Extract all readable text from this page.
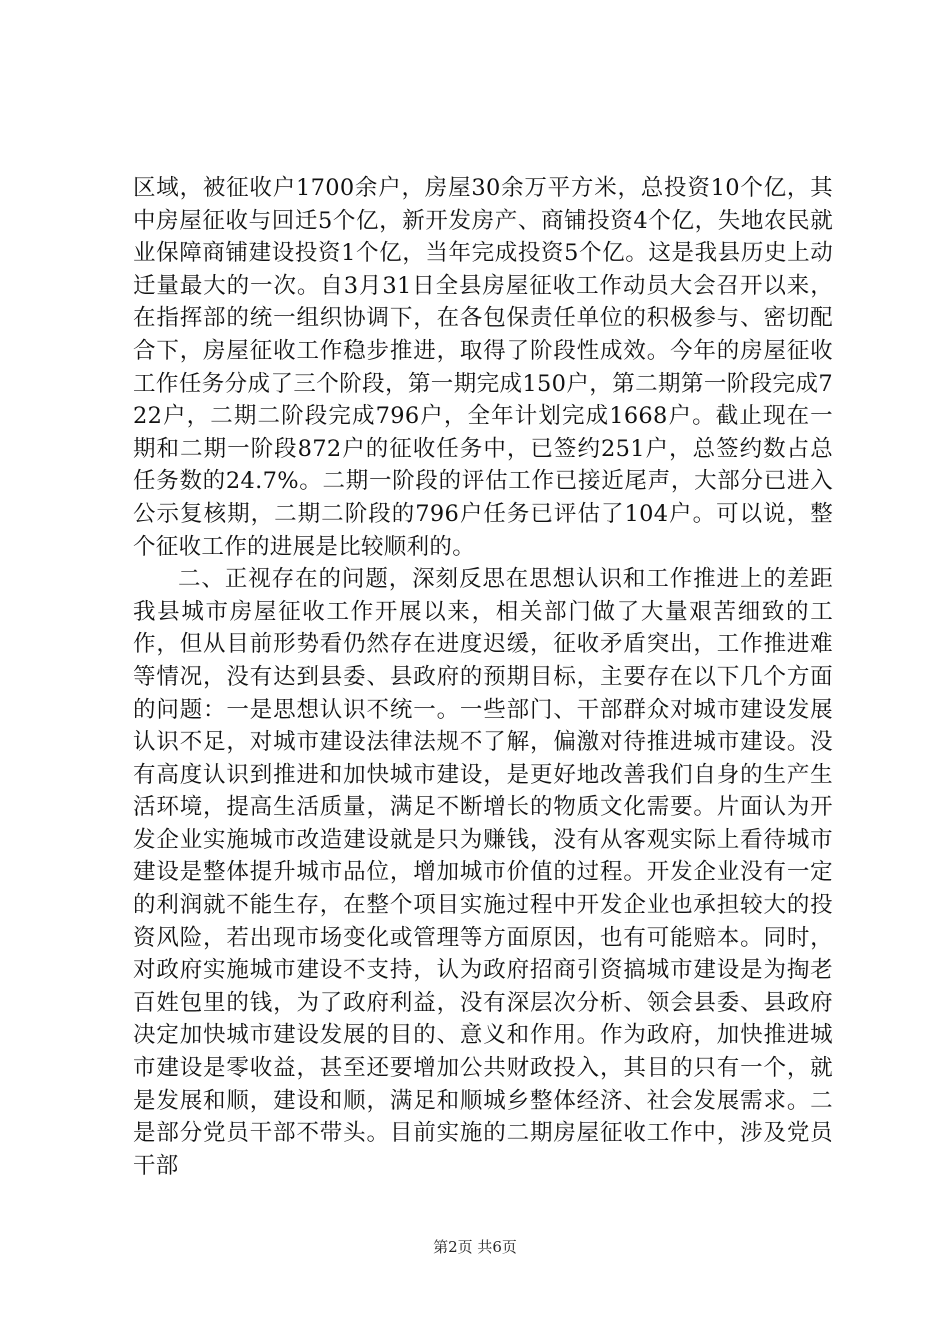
区域，被征收户1700余户，房屋30余万平方米，总投资10个亿，其中房屋征收与回迁5个亿，新开发房产、商铺投资4个亿，失地农民就业保障商铺建设投资1个亿，当年完成投资5个亿。这是我县历史上动迁量最大的一次。自3月31日全县房屋征收工作动员大会召开以来，在指挥部的统一组织协调下，在各包保责任单位的积极参与、密切配合下，房屋征收工作稳步推进，取得了阶段性成效。今年的房屋征收工作任务分成了三个阶段，第一期完成150户，第二期第一阶段完成722户，二期二阶段完成796户，全年计划完成1668户。截止现在一期和二期一阶段872户的征收任务中，已签约251户，总签约数占总任务数的24.7%。二期一阶段的评估工作已接近尾声，大部分已进入公示复核期，二期二阶段的796户任务已评估了104户。可以说，整个征收工作的进展是比较顺利的。

二、正视存在的问题，深刻反思在思想认识和工作推进上的差距我县城市房屋征收工作开展以来，相关部门做了大量艰苦细致的工作，但从目前形势看仍然存在进度迟缓，征收矛盾突出，工作推进难等情况，没有达到县委、县政府的预期目标，主要存在以下几个方面的问题：一是思想认识不统一。一些部门、干部群众对城市建设发展认识不足，对城市建设法律法规不了解，偏激对待推进城市建设。没有高度认识到推进和加快城市建设，是更好地改善我们自身的生产生活环境，提高生活质量，满足不断增长的物质文化需要。片面认为开发企业实施城市改造建设就是只为赚钱，没有从客观实际上看待城市建设是整体提升城市品位，增加城市价值的过程。开发企业没有一定的利润就不能生存，在整个项目实施过程中开发企业也承担较大的投资风险，若出现市场变化或管理等方面原因，也有可能赔本。同时，对政府实施城市建设不支持，认为政府招商引资搞城市建设是为掏老百姓包里的钱，为了政府利益，没有深层次分析、领会县委、县政府决定加快城市建设发展的目的、意义和作用。作为政府，加快推进城市建设是零收益，甚至还要增加公共财政投入，其目的只有一个，就是发展和顺，建设和顺，满足和顺城乡整体经济、社会发展需求。二是部分党员干部不带头。目前实施的二期房屋征收工作中，涉及党员干部

第2页 共6页
